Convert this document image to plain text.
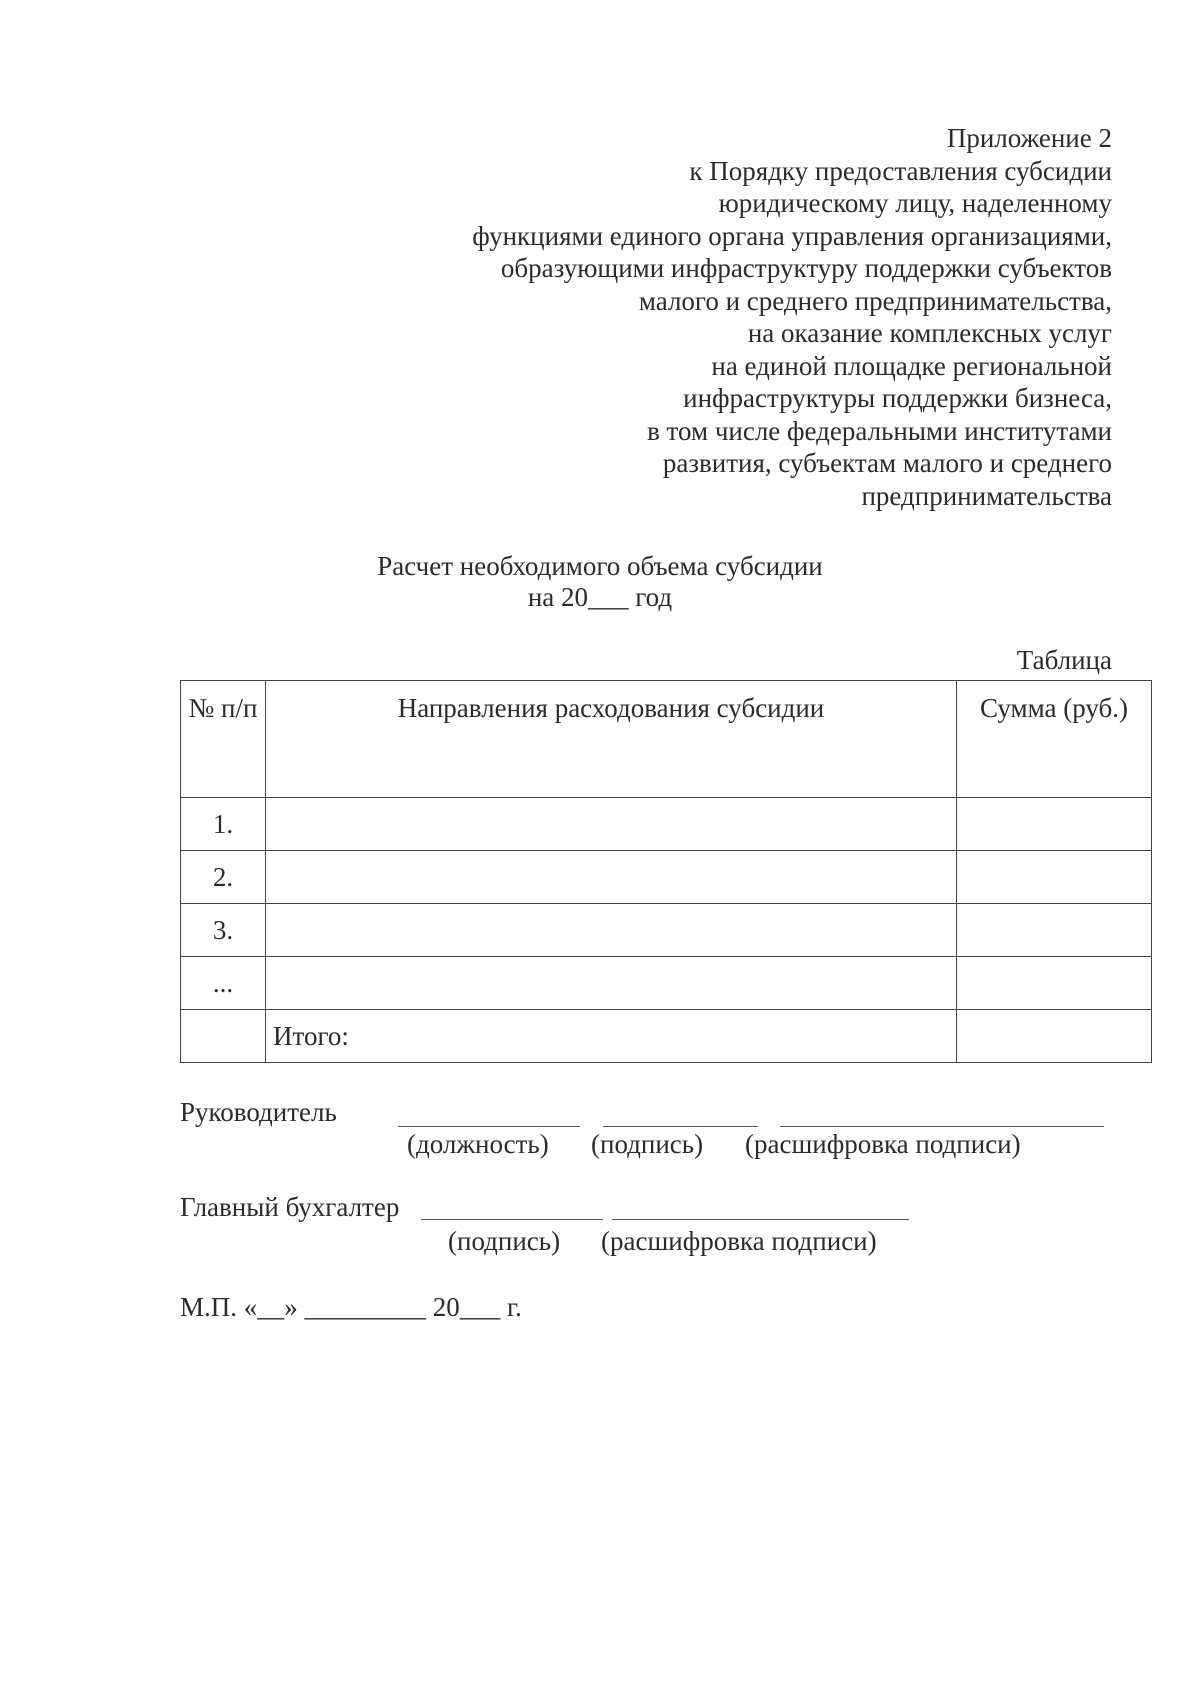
Приложение 2
к Порядку предоставления субсидии
юридическому лицу, наделенному
функциями единого органа управления организациями,
образующими инфраструктуру поддержки субъектов
малого и среднего предпринимательства,
на оказание комплексных услуг
на единой площадке региональной
инфраструктуры поддержки бизнеса,
в том числе федеральными институтами
развития, субъектам малого и среднего
предпринимательства
Расчет необходимого объема субсидии
на 20___ год
Таблица
№ п/п	Направления расходования субсидии	Сумма (руб.)
1.		
2.		
3.		
...		
	Итого:	
Руководитель
(должность) (подпись) (расшифровка подписи)
Главный бухгалтер
(подпись) (расшифровка подписи)
М.П. «__» _________ 20___ г.
